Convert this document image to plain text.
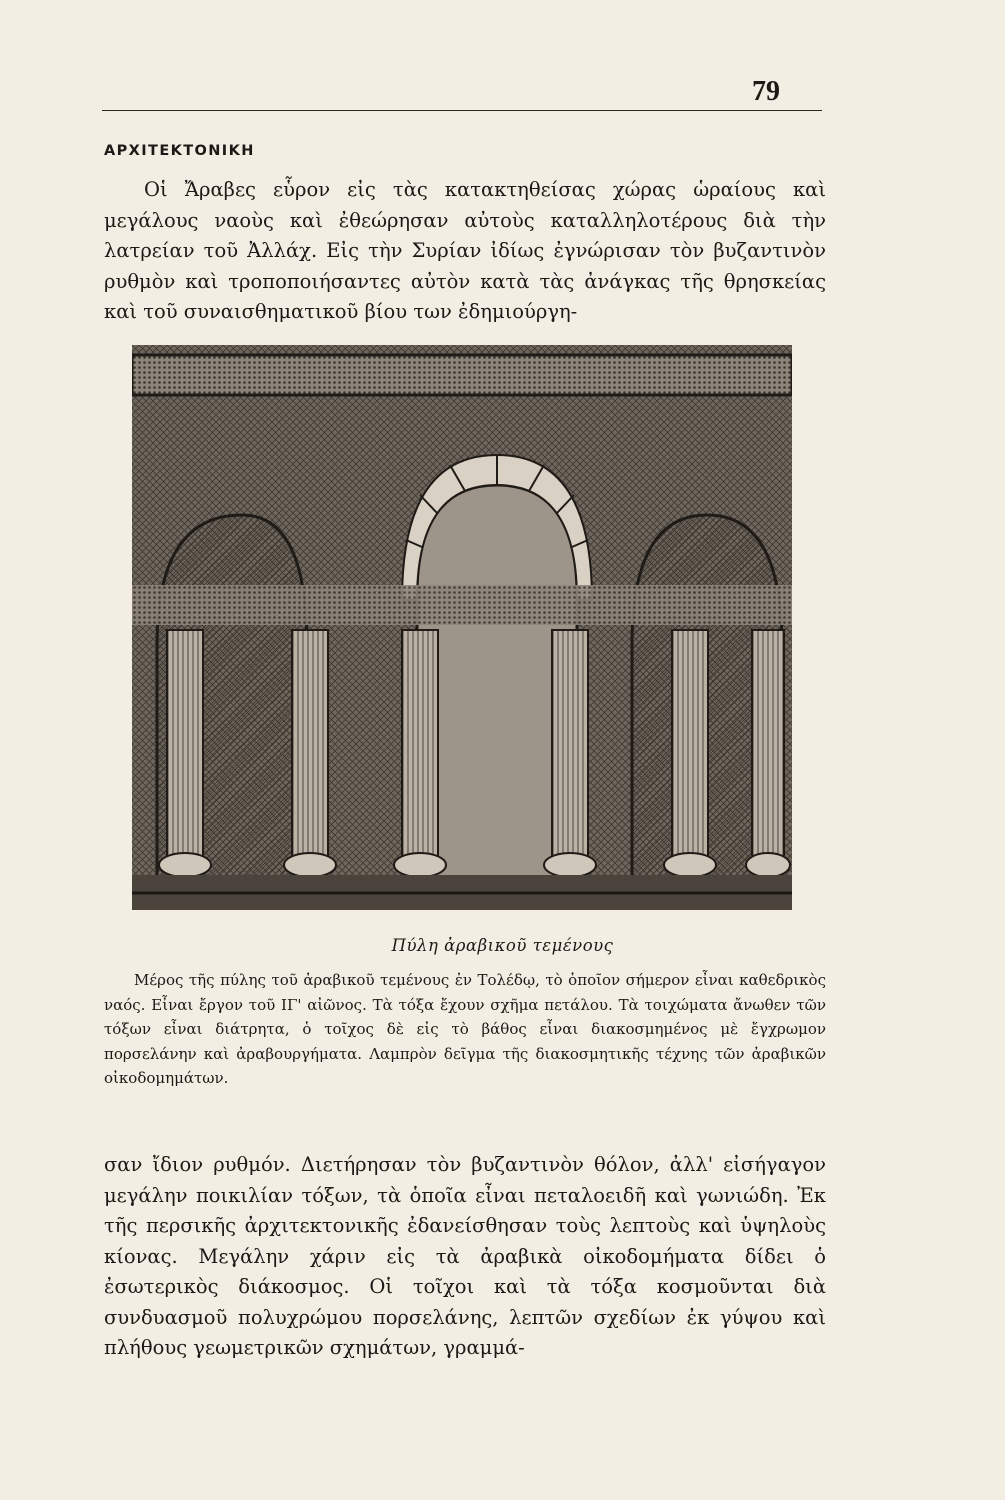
79
ΑΡΧΙΤΕΚΤΟΝΙΚΗ

Οἱ Ἄραβες εὗρον εἰς τὰς κατακτηθείσας χώρας ὡραίους καὶ μεγάλους ναοὺς καὶ ἐθεώρησαν αὐτοὺς καταλληλοτέρους διὰ τὴν λατρείαν τοῦ Ἀλλάχ. Εἰς τὴν Συρίαν ἰδίως ἐγνώρισαν τὸν βυζαντινὸν ρυθμὸν καὶ τροποποιήσαντες αὐτὸν κατὰ τὰς ἀνάγκας τῆς θρησκείας καὶ τοῦ συναισθηματικοῦ βίου των ἐδημιούργη-

Πύλη ἀραβικοῦ τεμένους

Μέρος τῆς πύλης τοῦ ἀραβικοῦ τεμένους ἐν Τολέδῳ, τὸ ὁποῖον σήμερον εἶναι καθεδρικὸς ναός. Εἶναι ἔργον τοῦ ΙΓ' αἰῶνος. Τὰ τόξα ἔχουν σχῆμα πετάλου. Τὰ τοιχώματα ἄνωθεν τῶν τόξων εἶναι διάτρητα, ὁ τοῖχος δὲ εἰς τὸ βάθος εἶναι διακοσμημένος μὲ ἔγχρωμον πορσελάνην καὶ ἀραβουργήματα. Λαμπρὸν δεῖγμα τῆς διακοσμητικῆς τέχνης τῶν ἀραβικῶν οἰκοδομημάτων.

σαν ἴδιον ρυθμόν. Διετήρησαν τὸν βυζαντινὸν θόλον, ἀλλ' εἰσήγαγον μεγάλην ποικιλίαν τόξων, τὰ ὁποῖα εἶναι πεταλοειδῆ καὶ γωνιώδη. Ἐκ τῆς περσικῆς ἀρχιτεκτονικῆς ἐδανείσθησαν τοὺς λεπτοὺς καὶ ὑψηλοὺς κίονας. Μεγάλην χάριν εἰς τὰ ἀραβικὰ οἰκοδομήματα δίδει ὁ ἐσωτερικὸς διάκοσμος. Οἱ τοῖχοι καὶ τὰ τόξα κοσμοῦνται διὰ συνδυασμοῦ πολυχρώμου πορσελάνης, λεπτῶν σχεδίων ἐκ γύψου καὶ πλήθους γεωμετρικῶν σχημάτων, γραμμά-
